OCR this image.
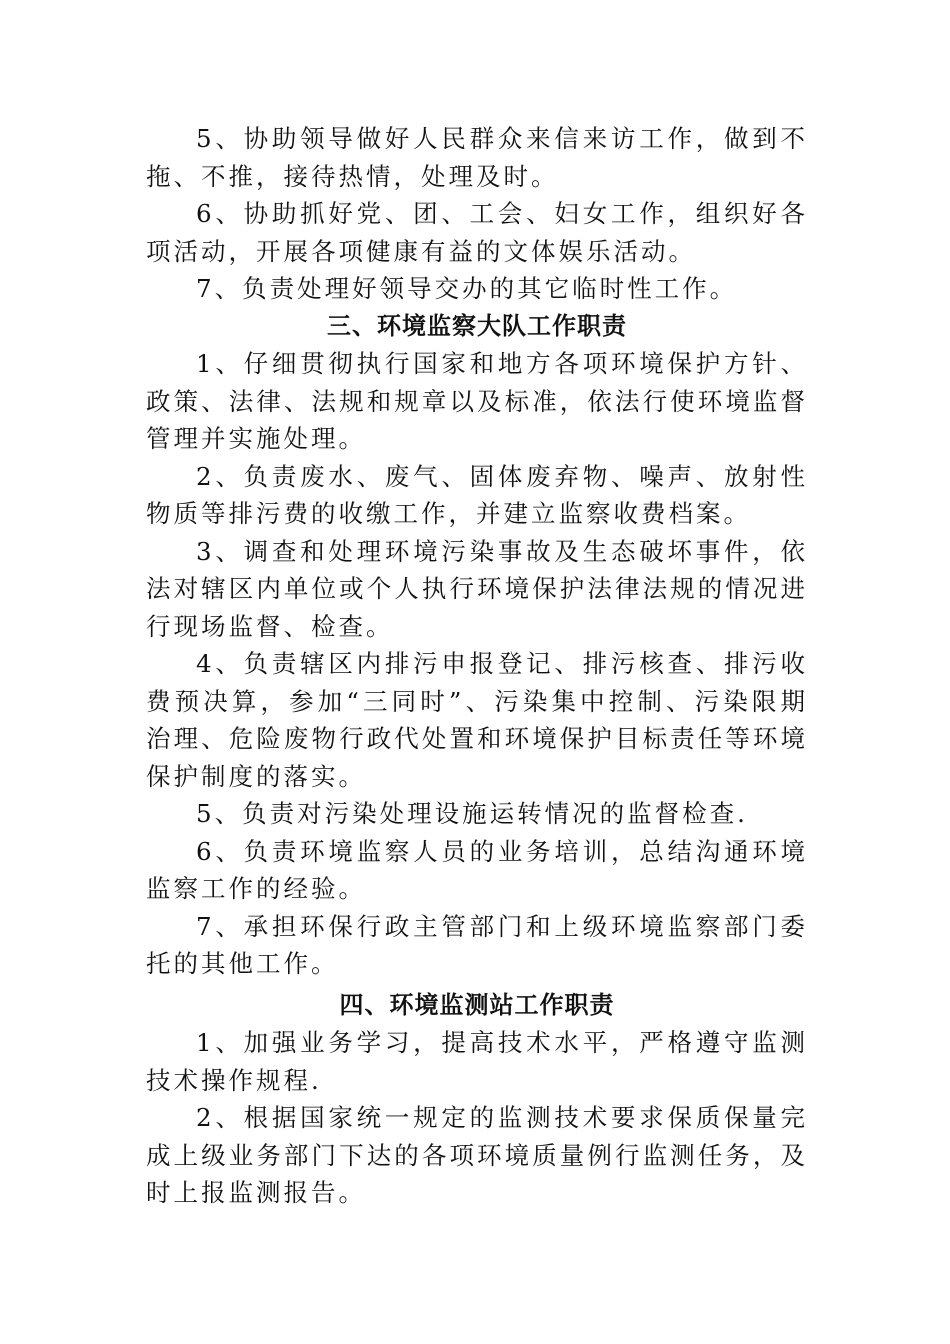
5、协助领导做好人民群众来信来访工作，做到不拖、不推，接待热情，处理及时。

6、协助抓好党、团、工会、妇女工作，组织好各项活动，开展各项健康有益的文体娱乐活动。

7、负责处理好领导交办的其它临时性工作。

三、环境监察大队工作职责

1、仔细贯彻执行国家和地方各项环境保护方针、政策、法律、法规和规章以及标准，依法行使环境监督管理并实施处理。

2、负责废水、废气、固体废弃物、噪声、放射性物质等排污费的收缴工作，并建立监察收费档案。

3、调查和处理环境污染事故及生态破坏事件，依法对辖区内单位或个人执行环境保护法律法规的情况进行现场监督、检查。

4、负责辖区内排污申报登记、排污核查、排污收费预决算，参加“三同时”、污染集中控制、污染限期治理、危险废物行政代处置和环境保护目标责任等环境保护制度的落实。

5、负责对污染处理设施运转情况的监督检查.

6、负责环境监察人员的业务培训，总结沟通环境监察工作的经验。

7、承担环保行政主管部门和上级环境监察部门委托的其他工作。

四、环境监测站工作职责

1、加强业务学习，提高技术水平，严格遵守监测技术操作规程.

2、根据国家统一规定的监测技术要求保质保量完成上级业务部门下达的各项环境质量例行监测任务，及时上报监测报告。
